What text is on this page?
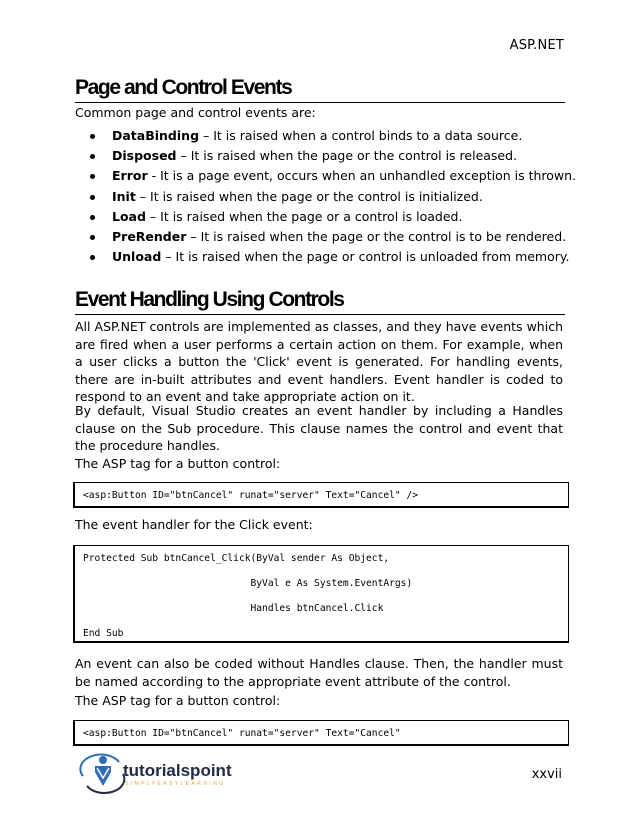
ASP.NET
Page and Control Events

Common page and control events are:

DataBinding – It is raised when a control binds to a data source.
Disposed – It is raised when the page or the control is released.
Error - It is a page event, occurs when an unhandled exception is thrown.
Init – It is raised when the page or the control is initialized.
Load – It is raised when the page or a control is loaded.
PreRender – It is raised when the page or the control is to be rendered.
Unload – It is raised when the page or control is unloaded from memory.
Event Handling Using Controls

All ASP.NET controls are implemented as classes, and they have events which are fired when a user performs a certain action on them. For example, when a user clicks a button the 'Click' event is generated. For handling events, there are in-built attributes and event handlers. Event handler is coded to respond to an event and take appropriate action on it.

By default, Visual Studio creates an event handler by including a Handles clause on the Sub procedure. This clause names the control and event that the procedure handles.

The ASP tag for a button control:

<asp:Button ID="btnCancel" runat="server" Text="Cancel" />

The event handler for the Click event:

Protected Sub btnCancel_Click(ByVal sender As Object,
ByVal e As System.EventArgs)
Handles btnCancel.Click
End Sub

An event can also be coded without Handles clause. Then, the handler must be named according to the appropriate event attribute of the control.

The ASP tag for a button control:

<asp:Button ID="btnCancel" runat="server" Text="Cancel"
tutorialspoint
SIMPLYEASYLEARNING
xxvii
